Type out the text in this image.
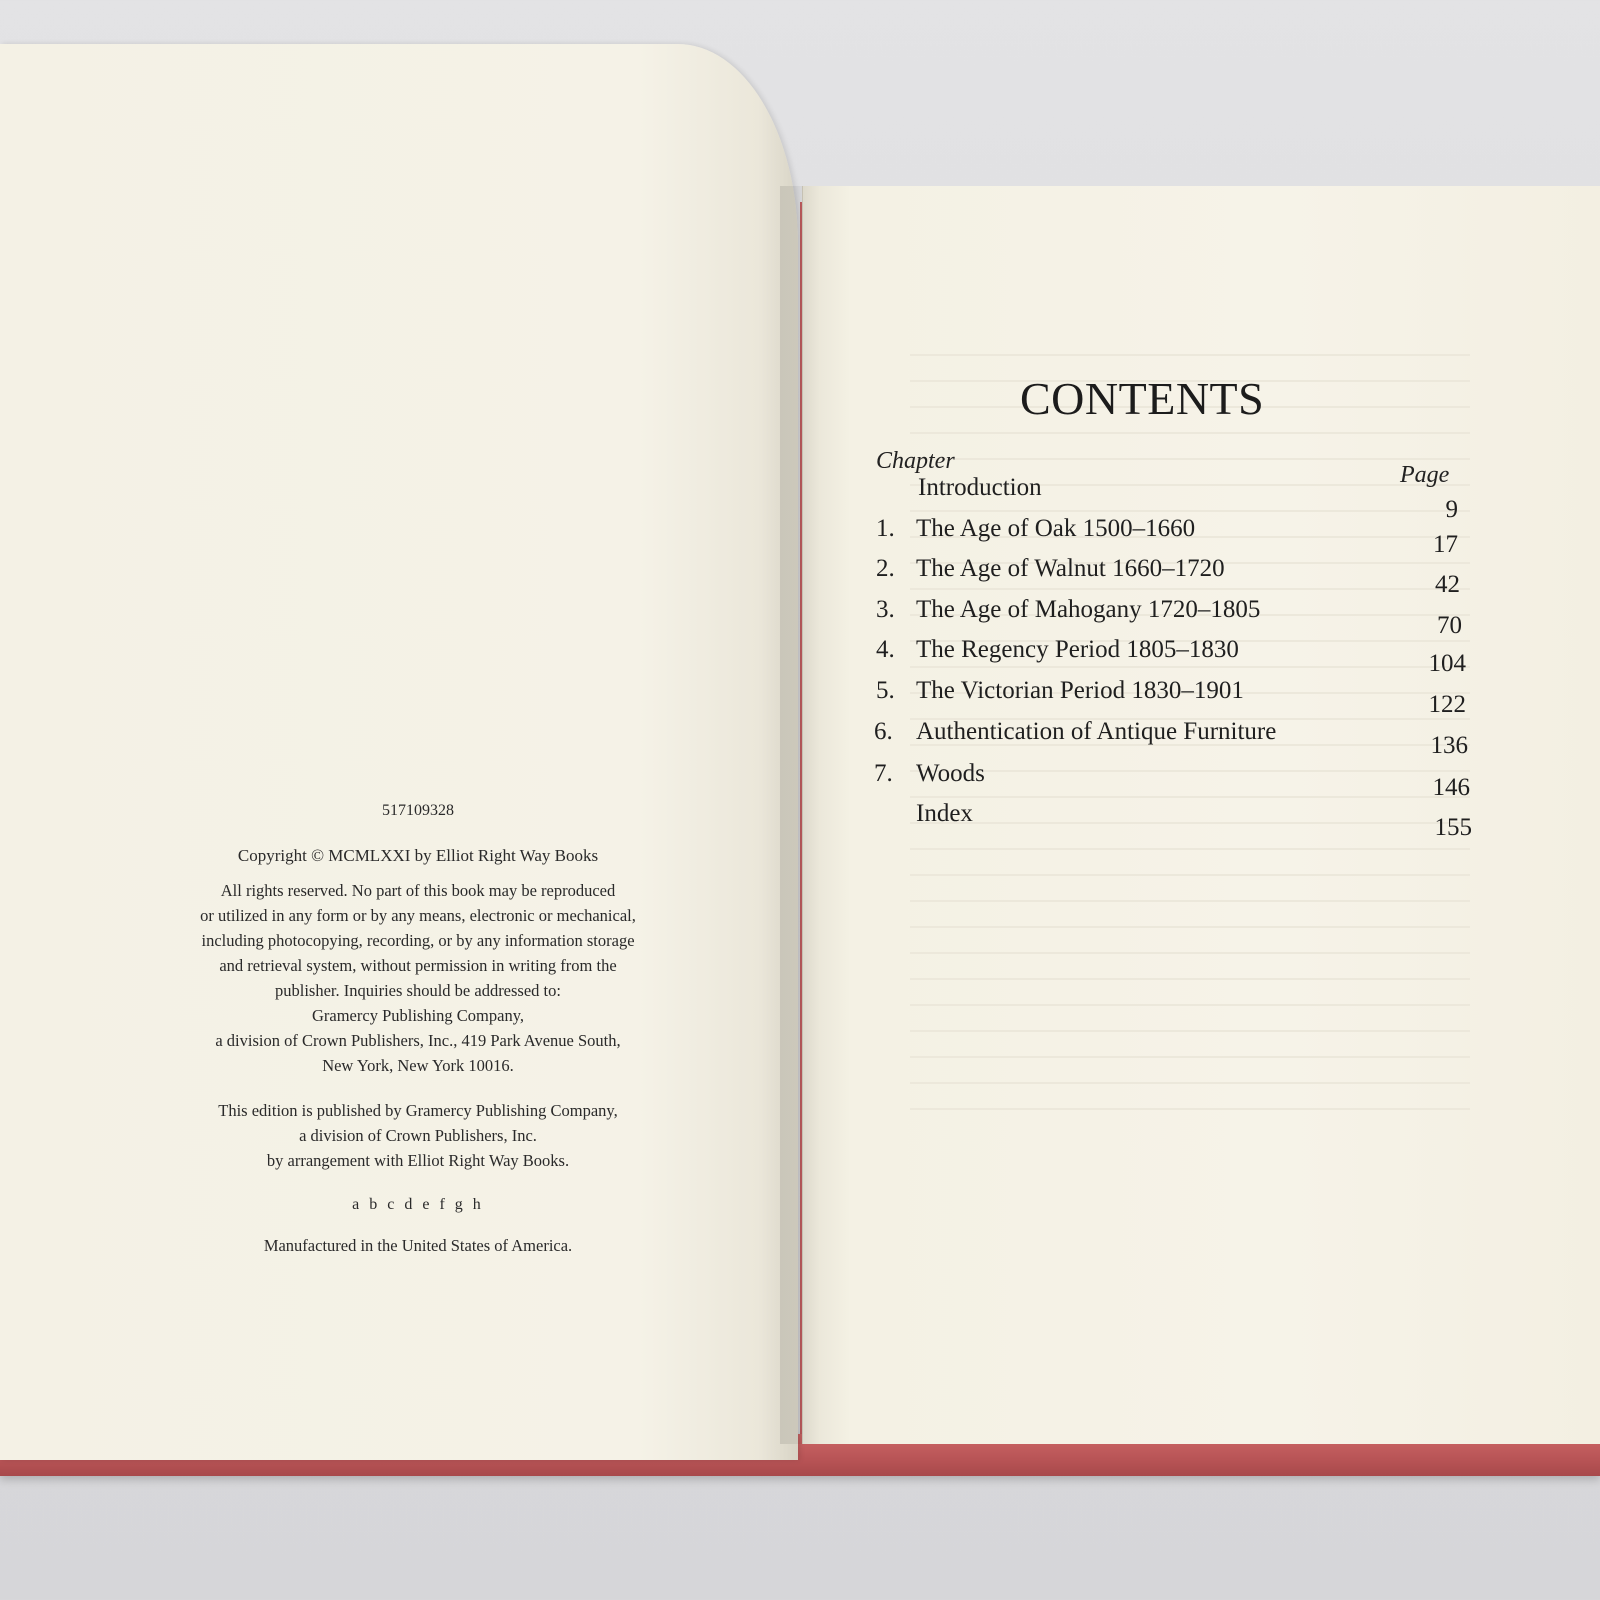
517109328
Copyright © MCMLXXI by Elliot Right Way Books
All rights reserved. No part of this book may be reproduced
or utilized in any form or by any means, electronic or mechanical,
including photocopying, recording, or by any information storage
and retrieval system, without permission in writing from the
publisher. Inquiries should be addressed to:
Gramercy Publishing Company,
a division of Crown Publishers, Inc., 419 Park Avenue South,
New York, New York 10016.
This edition is published by Gramercy Publishing Company,
a division of Crown Publishers, Inc.
by arrangement with Elliot Right Way Books.
a b c d e f g h
Manufactured in the United States of America.
CONTENTS
Chapter
Page
Introduction
9
1. The Age of Oak 1500–1660
17
2. The Age of Walnut 1660–1720
42
3. The Age of Mahogany 1720–1805
70
4. The Regency Period 1805–1830
104
5. The Victorian Period 1830–1901
122
6. Authentication of Antique Furniture
136
7. Woods
146
Index
155
